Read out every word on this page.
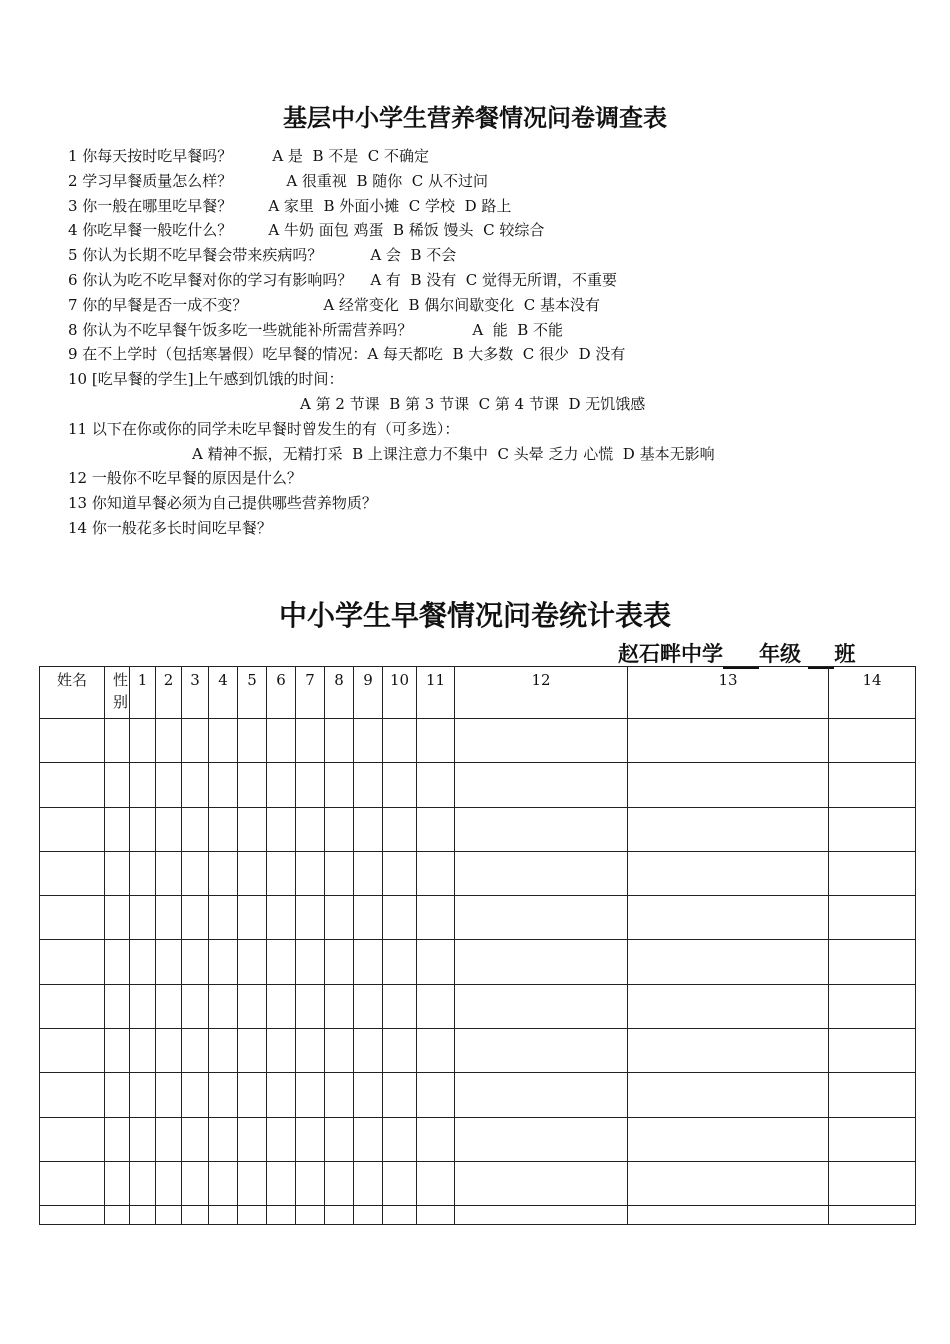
基层中小学生营养餐情况问卷调查表
1 你每天按时吃早餐吗？	A 是  B 不是  C 不确定
2 学习早餐质量怎么样？	A 很重视  B 随你  C 从不过问
3 你一般在哪里吃早餐？ A 家里  B 外面小摊  C 学校  D 路上
4 你吃早餐一般吃什么？ A 牛奶 面包 鸡蛋  B 稀饭 馒头  C 较综合
5 你认为长期不吃早餐会带来疾病吗？	A 会  B 不会
6 你认为吃不吃早餐对你的学习有影响吗？ A 有  B 没有  C 觉得无所谓，不重要
7 你的早餐是否一成不变？	A 经常变化  B 偶尔间歇变化  C 基本没有
8 你认为不吃早餐午饭多吃一些就能补所需营养吗？	A  能  B 不能
9 在不上学时（包括寒暑假）吃早餐的情况：A 每天都吃  B 大多数  C 很少  D 没有
10 [吃早餐的学生]上午感到饥饿的时间：
A 第 2 节课  B 第 3 节课  C 第 4 节课  D 无饥饿感
11 以下在你或你的同学未吃早餐时曾发生的有（可多选）：
A 精神不振，无精打采  B 上课注意力不集中  C 头晕 乏力 心慌  D 基本无影响
12 一般你不吃早餐的原因是什么？
13 你知道早餐必须为自己提供哪些营养物质？
14 你一般花多长时间吃早餐？
中小学生早餐情况问卷统计表表
赵石畔中学 年级 班
姓名	性别	1	2	3	4	5	6	7	8	9	10	11	12	13	14
